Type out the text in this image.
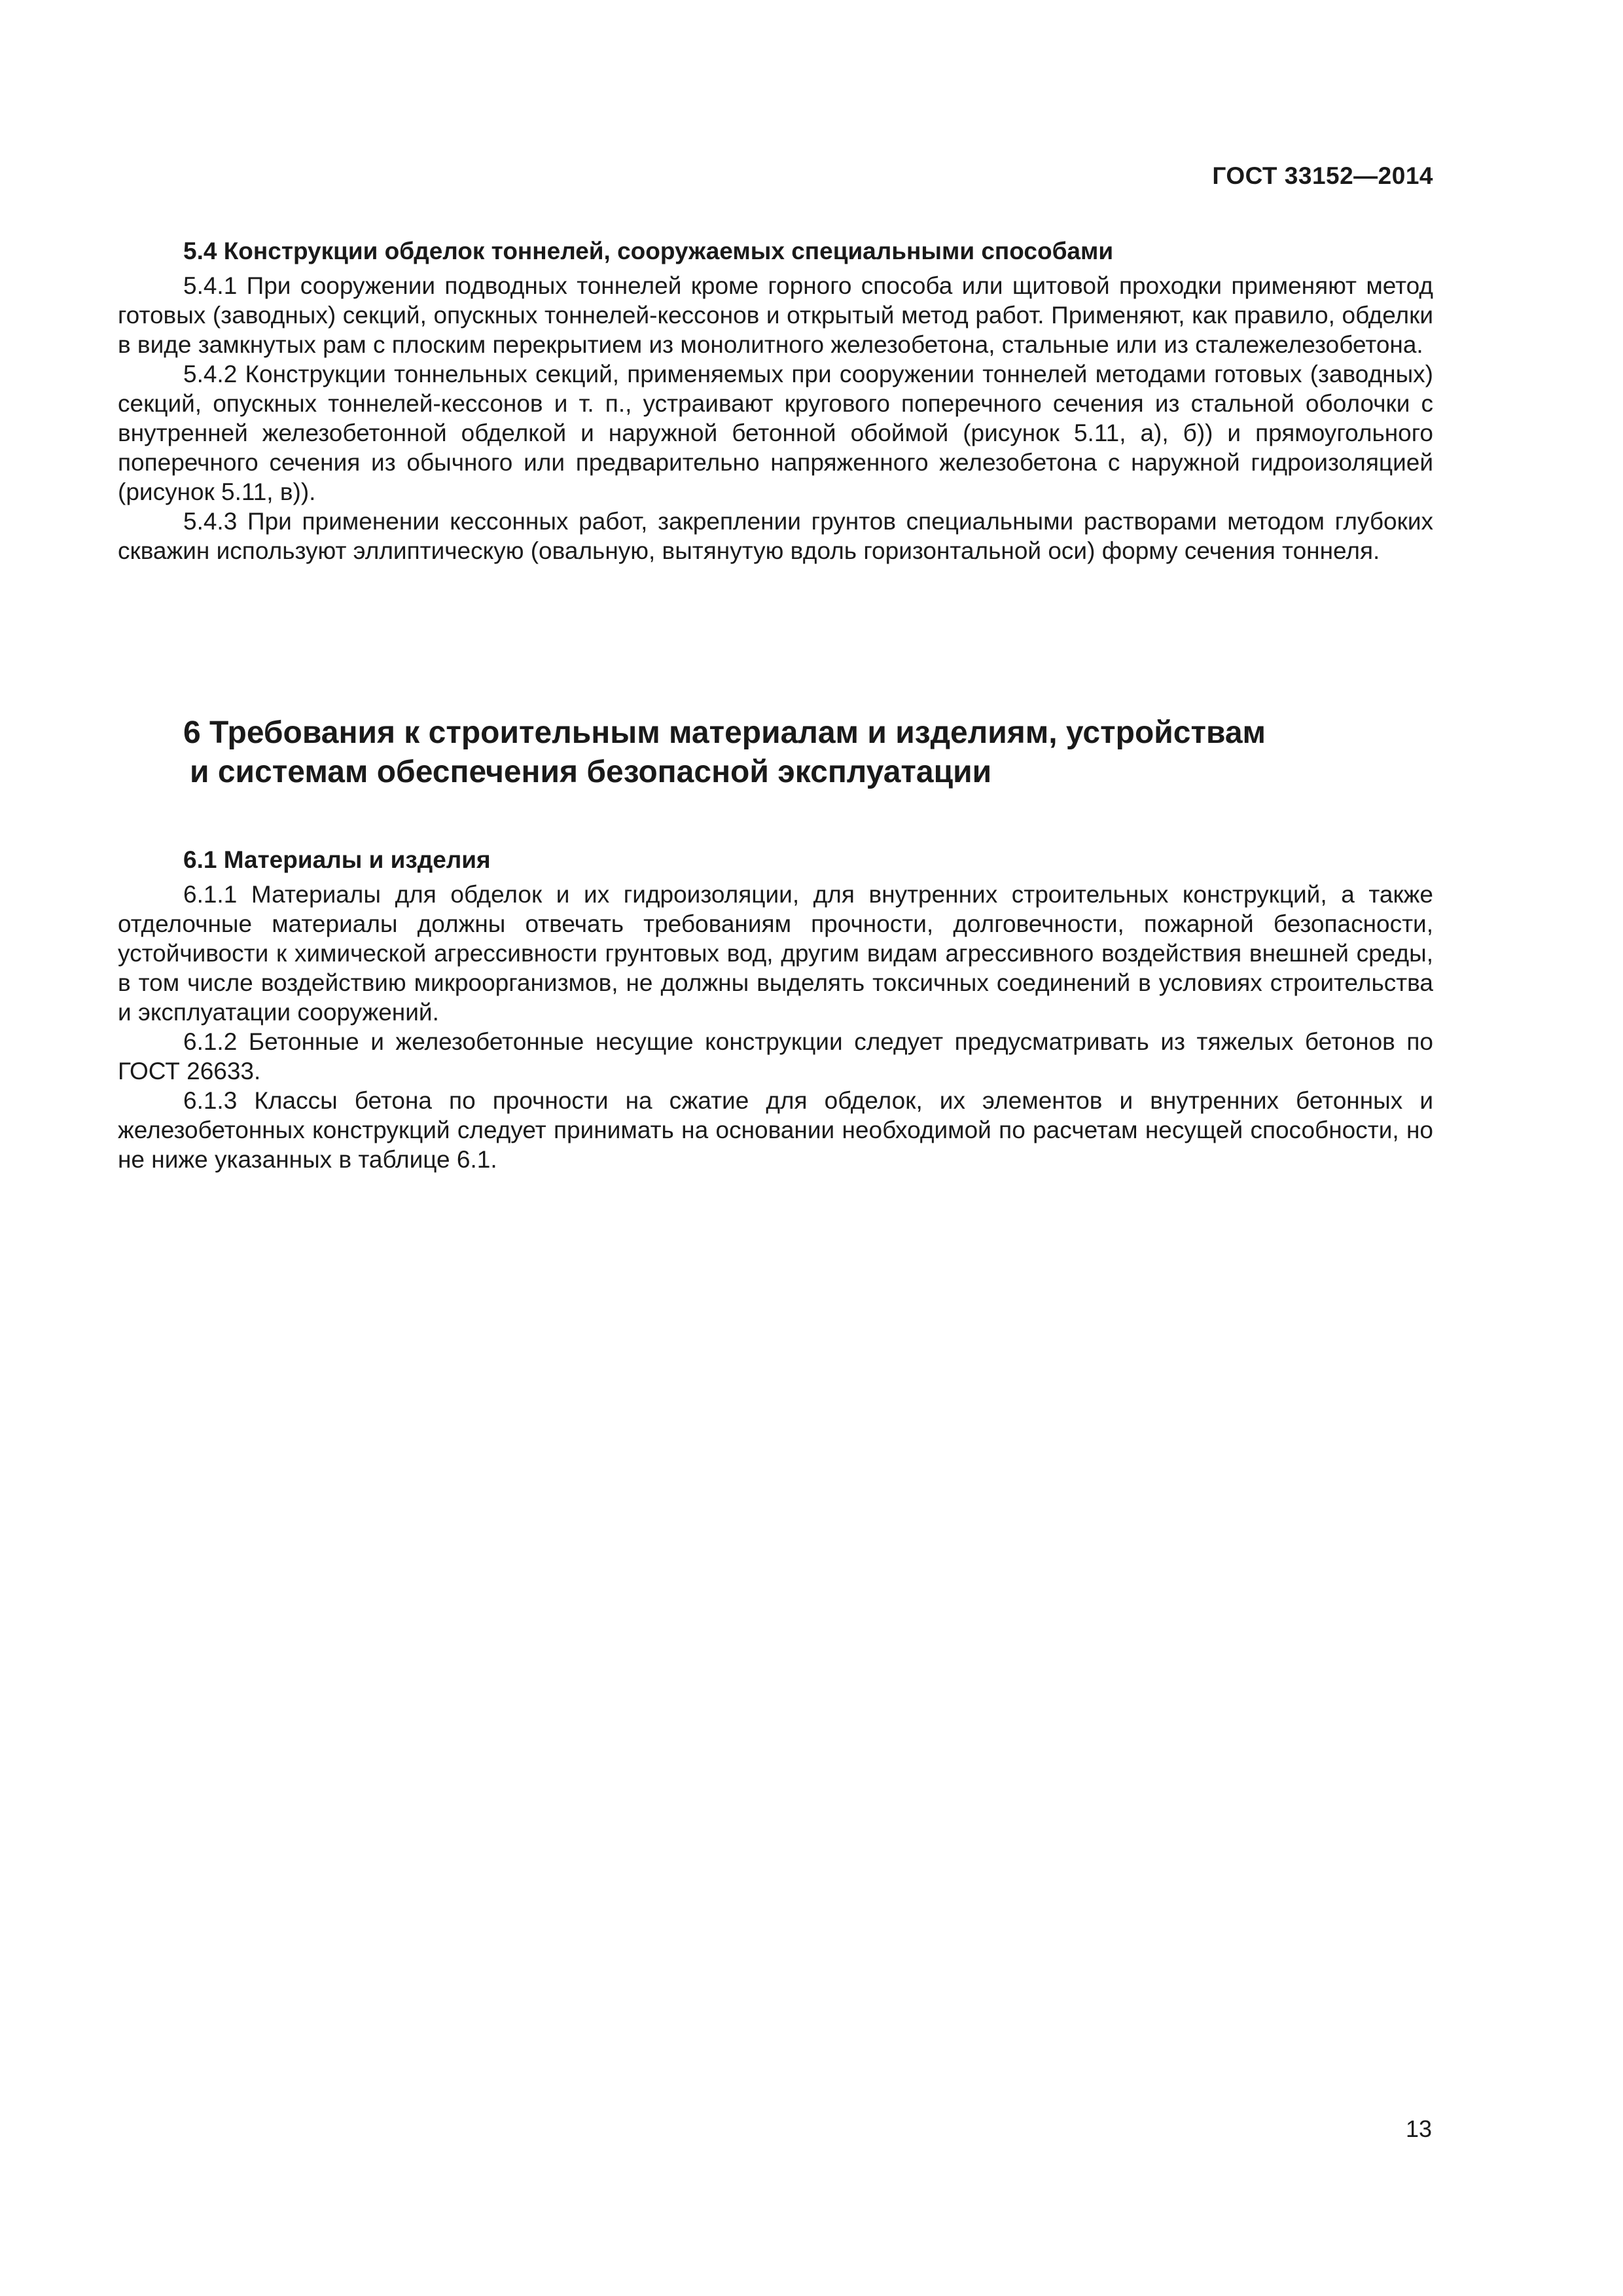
ГОСТ 33152—2014
5.4 Конструкции обделок тоннелей, сооружаемых специальными способами

5.4.1 При сооружении подводных тоннелей кроме горного способа или щитовой проходки применяют метод готовых (заводных) секций, опускных тоннелей-кессонов и открытый метод работ. Применяют, как правило, обделки в виде замкнутых рам с плоским перекрытием из монолитного железобетона, стальные или из сталежелезобетона.

5.4.2 Конструкции тоннельных секций, применяемых при сооружении тоннелей методами готовых (заводных) секций, опускных тоннелей-кессонов и т. п., устраивают кругового поперечного сечения из стальной оболочки с внутренней железобетонной обделкой и наружной бетонной обоймой (рисунок 5.11, а), б)) и прямоугольного поперечного сечения из обычного или предварительно напряженного железобетона с наружной гидроизоляцией (рисунок 5.11, в)).

5.4.3 При применении кессонных работ, закреплении грунтов специальными растворами методом глубоких скважин используют эллиптическую (овальную, вытянутую вдоль горизонтальной оси) форму сечения тоннеля.

6 Требования к строительным материалам и изделиям, устройствам
и системам обеспечения безопасной эксплуатации
6.1 Материалы и изделия

6.1.1 Материалы для обделок и их гидроизоляции, для внутренних строительных конструкций, а также отделочные материалы должны отвечать требованиям прочности, долговечности, пожарной безопасности, устойчивости к химической агрессивности грунтовых вод, другим видам агрессивного воздействия внешней среды, в том числе воздействию микроорганизмов, не должны выделять токсичных соединений в условиях строительства и эксплуатации сооружений.

6.1.2 Бетонные и железобетонные несущие конструкции следует предусматривать из тяжелых бетонов по ГОСТ 26633.

6.1.3 Классы бетона по прочности на сжатие для обделок, их элементов и внутренних бетонных и железобетонных конструкций следует принимать на основании необходимой по расчетам несущей способности, но не ниже указанных в таблице 6.1.

13
